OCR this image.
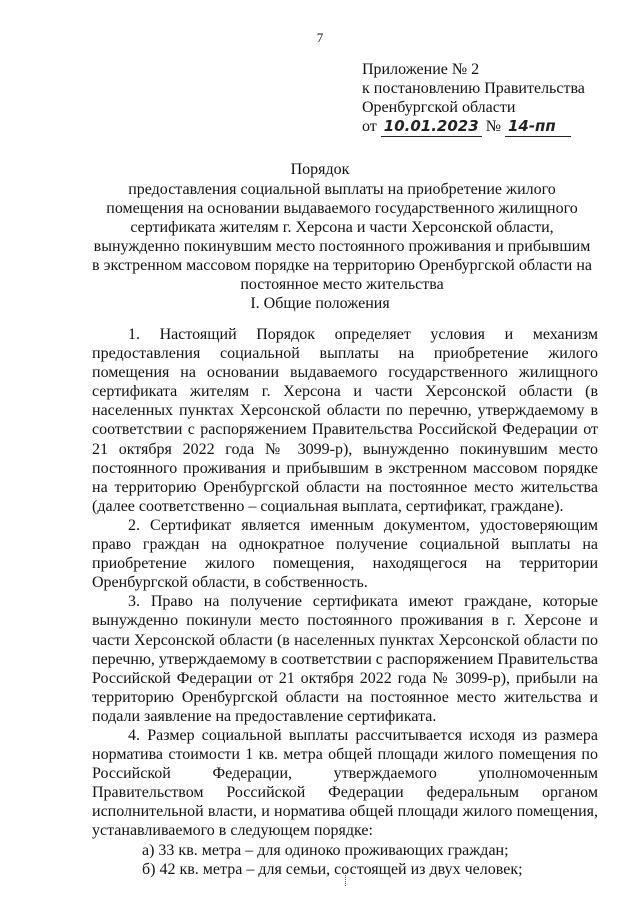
7
Приложение № 2
к постановлению Правительства
Оренбургской области
от 10.01.2023 № 14-пп
Порядок
предоставления социальной выплаты на приобретение жилого помещения на основании выдаваемого государственного жилищного сертификата жителям г. Херсона и части Херсонской области, вынужденно покинувшим место постоянного проживания и прибывшим в экстренном массовом порядке на территорию Оренбургской области на постоянное место жительства
I. Общие положения

1. Настоящий Порядок определяет условия и механизм предоставления социальной выплаты на приобретение жилого помещения на основании выдаваемого государственного жилищного сертификата жителям г. Херсона и части Херсонской области (в населенных пунктах Херсонской области по перечню, утверждаемому в соответствии с распоряжением Правительства Российской Федерации от 21 октября 2022 года № 3099-р), вынужденно покинувшим место постоянного проживания и прибывшим в экстренном массовом порядке на территорию Оренбургской области на постоянное место жительства (далее соответственно – социальная выплата, сертификат, граждане).

2. Сертификат является именным документом, удостоверяющим право граждан на однократное получение социальной выплаты на приобретение жилого помещения, находящегося на территории Оренбургской области, в собственность.

3. Право на получение сертификата имеют граждане, которые вынужденно покинули место постоянного проживания в г. Херсоне и части Херсонской области (в населенных пунктах Херсонской области по перечню, утверждаемому в соответствии с распоряжением Правительства Российской Федерации от 21 октября 2022 года № 3099-р), прибыли на территорию Оренбургской области на постоянное место жительства и подали заявление на предоставление сертификата.

4. Размер социальной выплаты рассчитывается исходя из размера норматива стоимости 1 кв. метра общей площади жилого помещения по Российской Федерации, утверждаемого уполномоченным Правительством Российской Федерации федеральным органом исполнительной власти, и норматива общей площади жилого помещения, устанавливаемого в следующем порядке:

а) 33 кв. метра – для одиноко проживающих граждан;

б) 42 кв. метра – для семьи, состоящей из двух человек;
